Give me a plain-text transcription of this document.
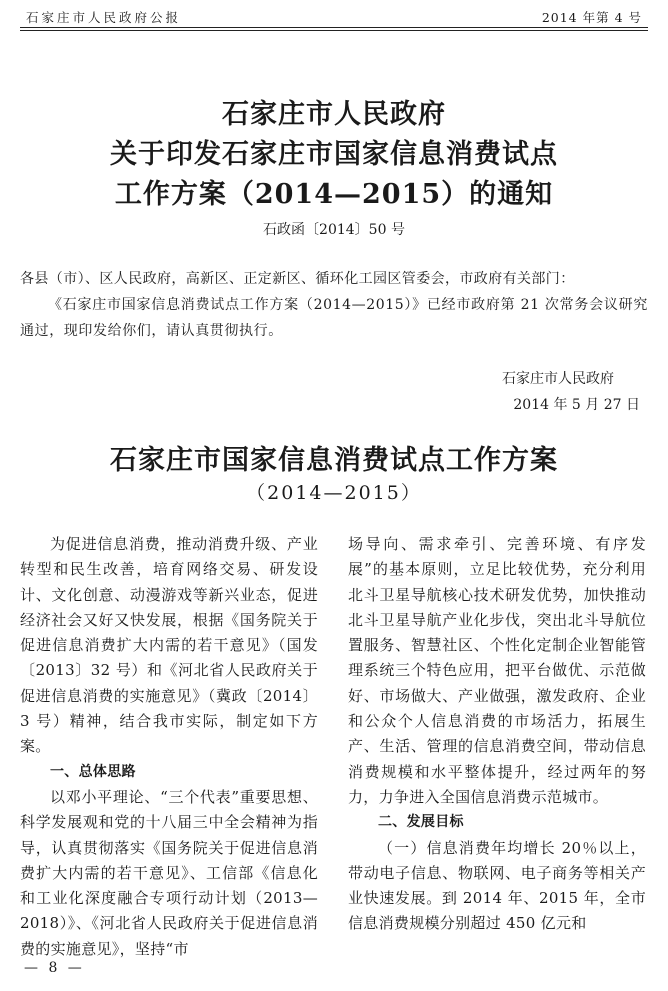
石家庄市人民政府公报	2014 年第 4 号
石家庄市人民政府
关于印发石家庄市国家信息消费试点
工作方案（2014—2015）的通知
石政函〔2014〕50 号
各县（市）、区人民政府，高新区、正定新区、循环化工园区管委会，市政府有关部门：
《石家庄市国家信息消费试点工作方案（2014—2015）》已经市政府第 21 次常务会议研究通过，现印发给你们，请认真贯彻执行。
石家庄市人民政府
2014 年 5 月 27 日
石家庄市国家信息消费试点工作方案
（2014—2015）

为促进信息消费，推动消费升级、产业转型和民生改善，培育网络交易、研发设计、文化创意、动漫游戏等新兴业态，促进经济社会又好又快发展，根据《国务院关于促进信息消费扩大内需的若干意见》（国发〔2013〕32 号）和《河北省人民政府关于促进信息消费的实施意见》（冀政〔2014〕3 号）精神，结合我市实际，制定如下方案。

一、总体思路

以邓小平理论、“三个代表”重要思想、科学发展观和党的十八届三中全会精神为指导，认真贯彻落实《国务院关于促进信息消费扩大内需的若干意见》、工信部《信息化和工业化深度融合专项行动计划（2013—2018）》、《河北省人民政府关于促进信息消费的实施意见》，坚持“市

场导向、需求牵引、完善环境、有序发展”的基本原则，立足比较优势，充分利用北斗卫星导航核心技术研发优势，加快推动北斗卫星导航产业化步伐，突出北斗导航位置服务、智慧社区、个性化定制企业智能管理系统三个特色应用，把平台做优、示范做好、市场做大、产业做强，激发政府、企业和公众个人信息消费的市场活力，拓展生产、生活、管理的信息消费空间，带动信息消费规模和水平整体提升，经过两年的努力，力争进入全国信息消费示范城市。

二、发展目标

（一）信息消费年均增长 20％以上，带动电子信息、物联网、电子商务等相关产业快速发展。到 2014 年、2015 年，全市信息消费规模分别超过 450 亿元和

— 8 —
